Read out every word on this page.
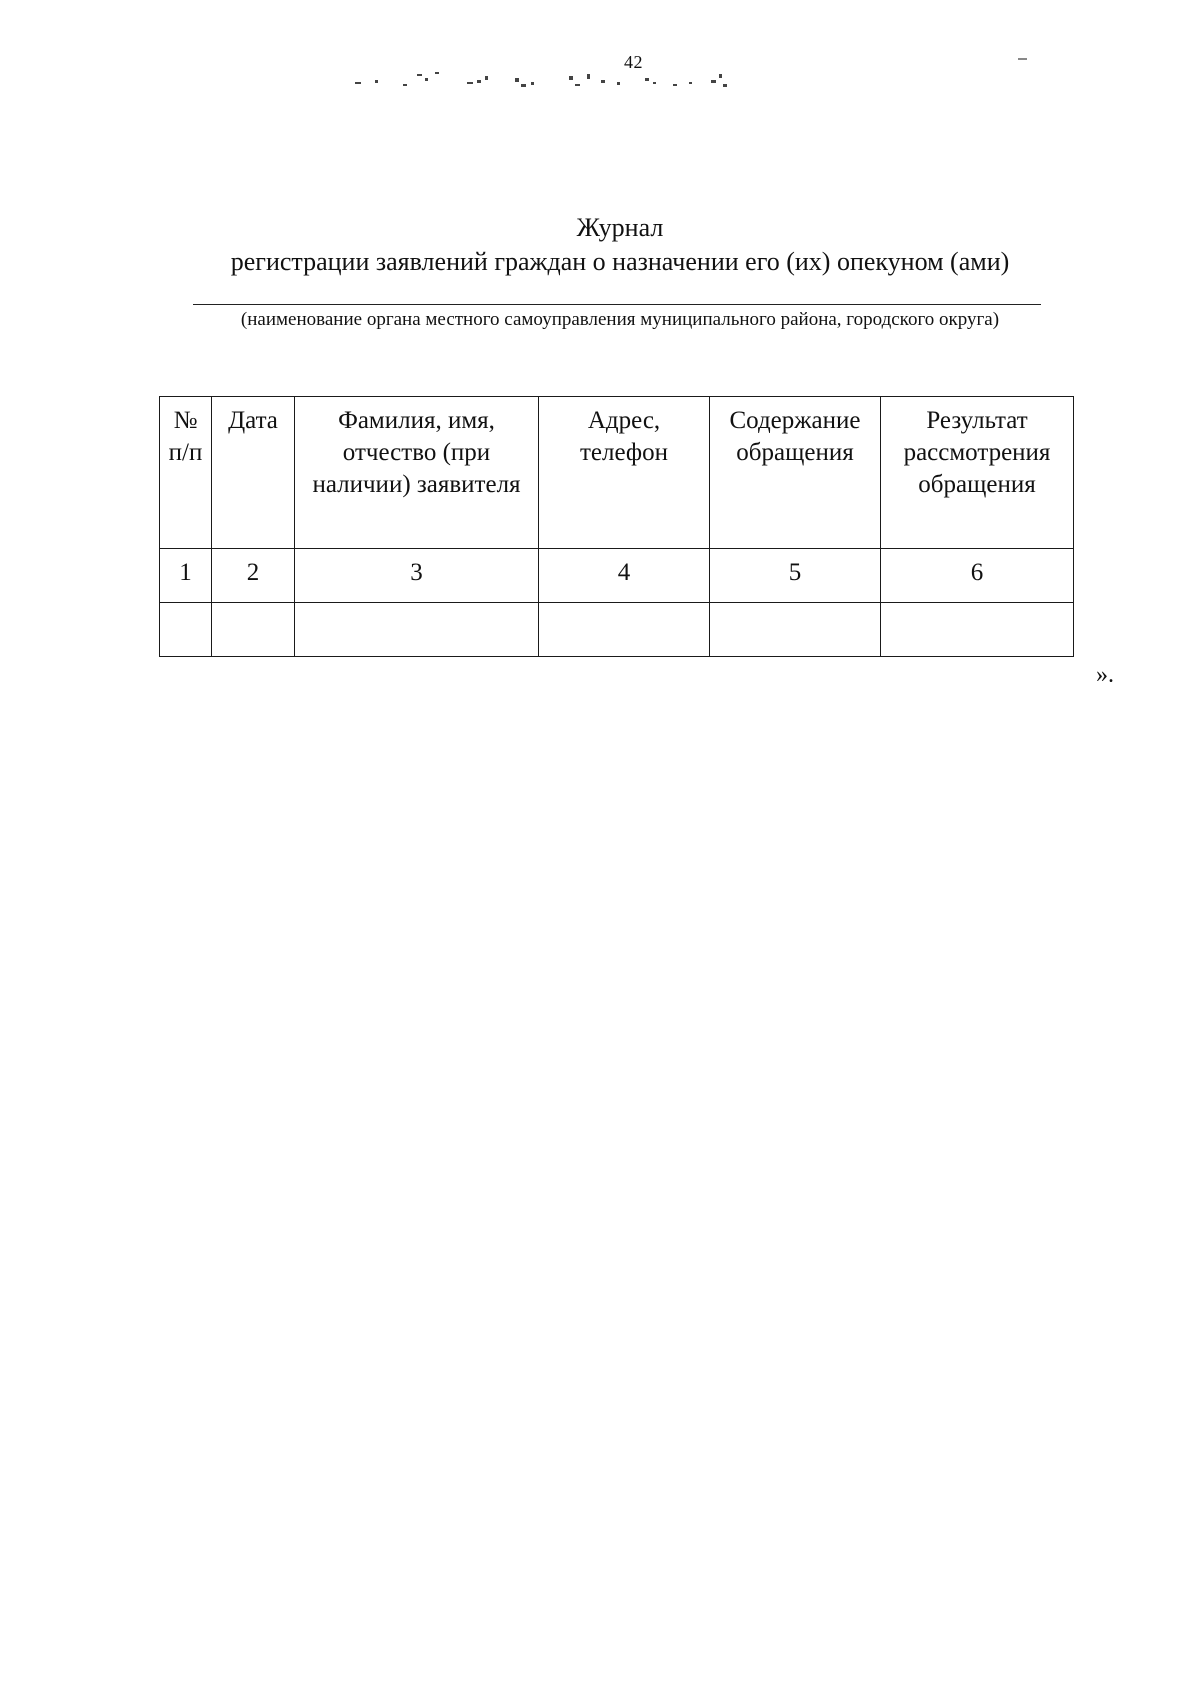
42
Журнал
регистрации заявлений граждан о назначении его (их) опекуном (ами)
(наименование органа местного самоуправления муниципального района, городского округа)
№ п/п	Дата	Фамилия, имя, отчество (при наличии) заявителя	Адрес, телефон	Содержание обращения	Результат рассмотрения обращения
1	2	3	4	5	6

».
